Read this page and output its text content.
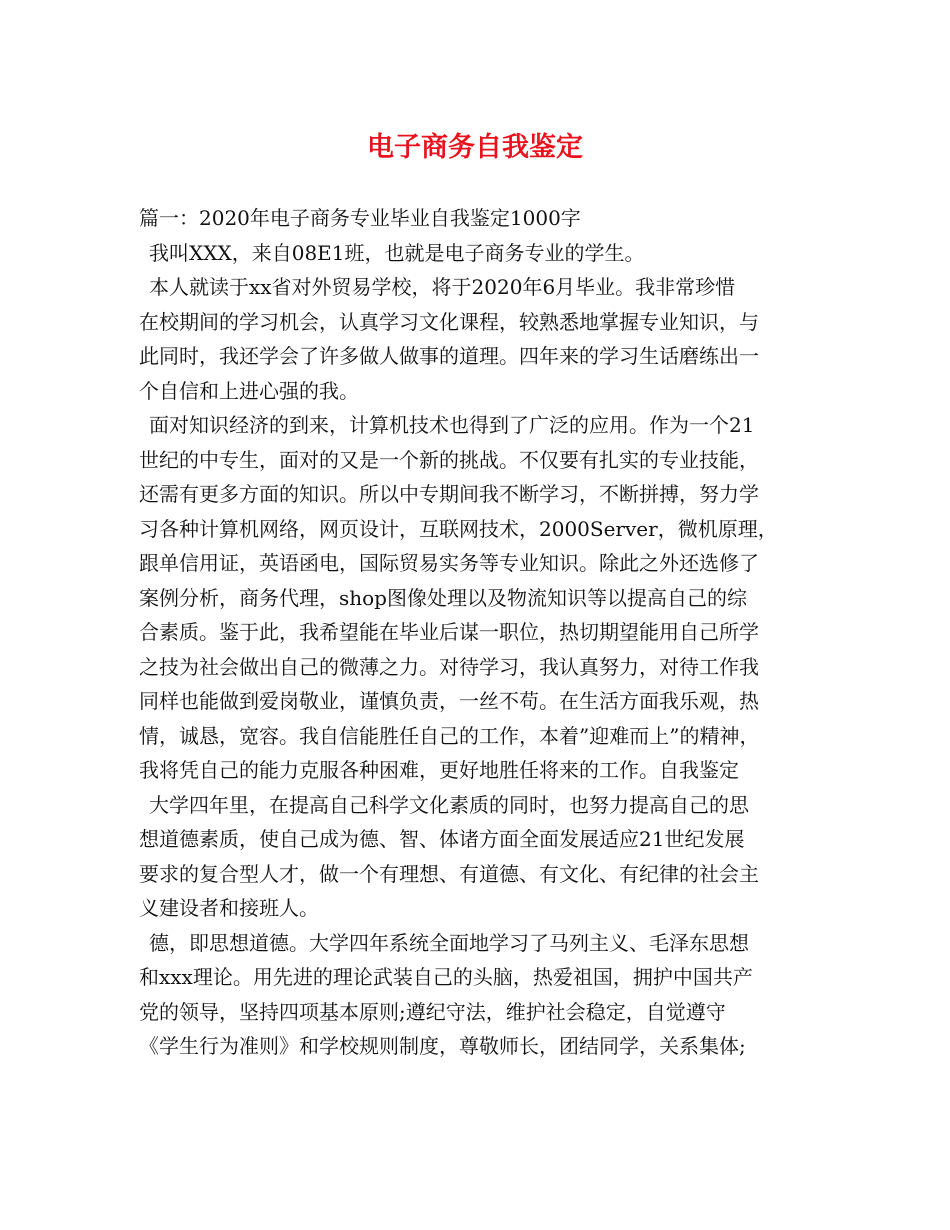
电子商务自我鉴定
篇一：2020年电子商务专业毕业自我鉴定1000字
我叫XXX，来自08E1班，也就是电子商务专业的学生。
本人就读于xx省对外贸易学校，将于2020年6月毕业。我非常珍惜
在校期间的学习机会，认真学习文化课程，较熟悉地掌握专业知识，与
此同时，我还学会了许多做人做事的道理。四年来的学习生话磨练出一
个自信和上进心强的我。
面对知识经济的到来，计算机技术也得到了广泛的应用。作为一个21
世纪的中专生，面对的又是一个新的挑战。不仅要有扎实的专业技能，
还需有更多方面的知识。所以中专期间我不断学习，不断拼搏，努力学
习各种计算机网络，网页设计，互联网技术，2000Server，微机原理，
跟单信用证，英语函电，国际贸易实务等专业知识。除此之外还选修了
案例分析，商务代理，shop图像处理以及物流知识等以提高自己的综
合素质。鉴于此，我希望能在毕业后谋一职位，热切期望能用自己所学
之技为社会做出自己的微薄之力。对待学习，我认真努力，对待工作我
同样也能做到爱岗敬业，谨慎负责，一丝不苟。在生活方面我乐观，热
情，诚恳，宽容。我自信能胜任自己的工作，本着”迎难而上”的精神，
我将凭自己的能力克服各种困难，更好地胜任将来的工作。自我鉴定
大学四年里，在提高自己科学文化素质的同时，也努力提高自己的思
想道德素质，使自己成为德、智、体诸方面全面发展适应21世纪发展
要求的复合型人才，做一个有理想、有道德、有文化、有纪律的社会主
义建设者和接班人。
德，即思想道德。大学四年系统全面地学习了马列主义、毛泽东思想
和xxx理论。用先进的理论武装自己的头脑，热爱祖国，拥护中国共产
党的领导，坚持四项基本原则;遵纪守法，维护社会稳定，自觉遵守
《学生行为准则》和学校规则制度，尊敬师长，团结同学，关系集体;
